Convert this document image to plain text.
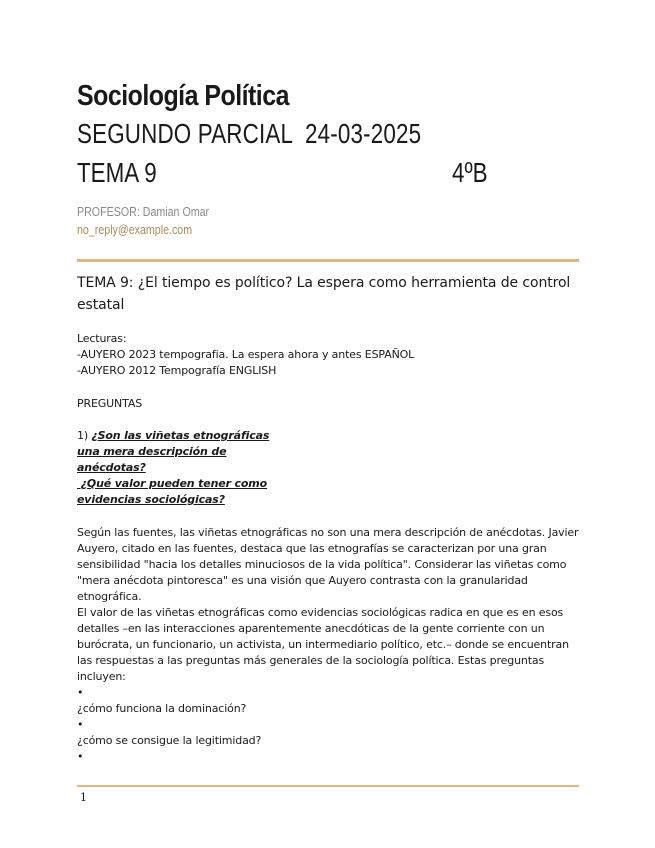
Sociología Política
SEGUNDO PARCIAL  24-03-2025
TEMA 9	4ºB
PROFESOR: Damian Omar
no_reply@example.com
TEMA 9: ¿El tiempo es político? La espera como herramienta de control estatal

Lecturas:

-AUYERO 2023 tempografia. La espera ahora y antes ESPAÑOL

-AUYERO 2012 Tempografía ENGLISH

PREGUNTAS

1) ¿Son las viñetas etnográficas

una mera descripción de

anécdotas?

¿Qué valor pueden tener como

evidencias sociológicas?

Según las fuentes, las viñetas etnográficas no son una mera descripción de anécdotas. Javier Auyero, citado en las fuentes, destaca que las etnografías se caracterizan por una gran sensibilidad "hacia los detalles minuciosos de la vida política". Considerar las viñetas como "mera anécdota pintoresca" es una visión que Auyero contrasta con la granularidad etnográfica.

El valor de las viñetas etnográficas como evidencias sociológicas radica en que es en esos detalles –en las interacciones aparentemente anecdóticas de la gente corriente con un burócrata, un funcionario, un activista, un intermediario político, etc.– donde se encuentran las respuestas a las preguntas más generales de la sociología política. Estas preguntas incluyen:

•

¿cómo funciona la dominación?

•

¿cómo se consigue la legitimidad?

•

1
